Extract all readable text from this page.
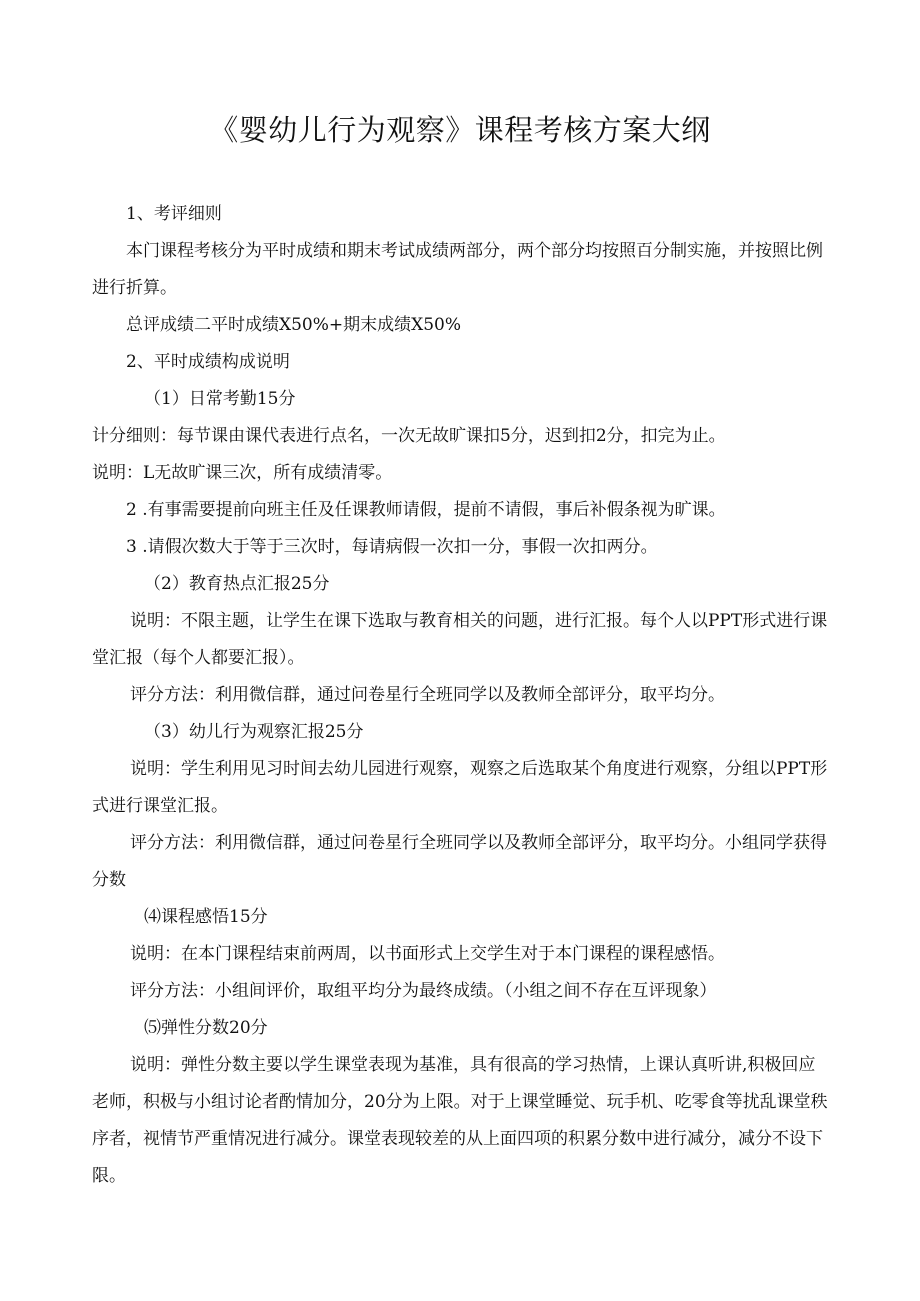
《婴幼儿行为观察》课程考核方案大纲

1、考评细则

本门课程考核分为平时成绩和期末考试成绩两部分，两个部分均按照百分制实施，并按照比例进行折算。

总评成绩二平时成绩X50%+期末成绩X50%

2、平时成绩构成说明

（1）日常考勤15分

计分细则：每节课由课代表进行点名，一次无故旷课扣5分，迟到扣2分，扣完为止。

说明：L无故旷课三次，所有成绩清零。

2 .有事需要提前向班主任及任课教师请假，提前不请假，事后补假条视为旷课。

3 .请假次数大于等于三次时，每请病假一次扣一分，事假一次扣两分。

（2）教育热点汇报25分

说明：不限主题，让学生在课下选取与教育相关的问题，进行汇报。每个人以PPT形式进行课堂汇报（每个人都要汇报）。

评分方法：利用微信群，通过问卷星行全班同学以及教师全部评分，取平均分。

（3）幼儿行为观察汇报25分

说明：学生利用见习时间去幼儿园进行观察，观察之后选取某个角度进行观察，分组以PPT形式进行课堂汇报。

评分方法：利用微信群，通过问卷星行全班同学以及教师全部评分，取平均分。小组同学获得分数

⑷课程感悟15分

说明：在本门课程结束前两周，以书面形式上交学生对于本门课程的课程感悟。

评分方法：小组间评价，取组平均分为最终成绩。（小组之间不存在互评现象）

⑸弹性分数20分

说明：弹性分数主要以学生课堂表现为基准，具有很高的学习热情，上课认真听讲,积极回应老师，积极与小组讨论者酌情加分，20分为上限。对于上课堂睡觉、玩手机、吃零食等扰乱课堂秩序者，视情节严重情况进行减分。课堂表现较差的从上面四项的积累分数中进行减分，减分不设下限。
